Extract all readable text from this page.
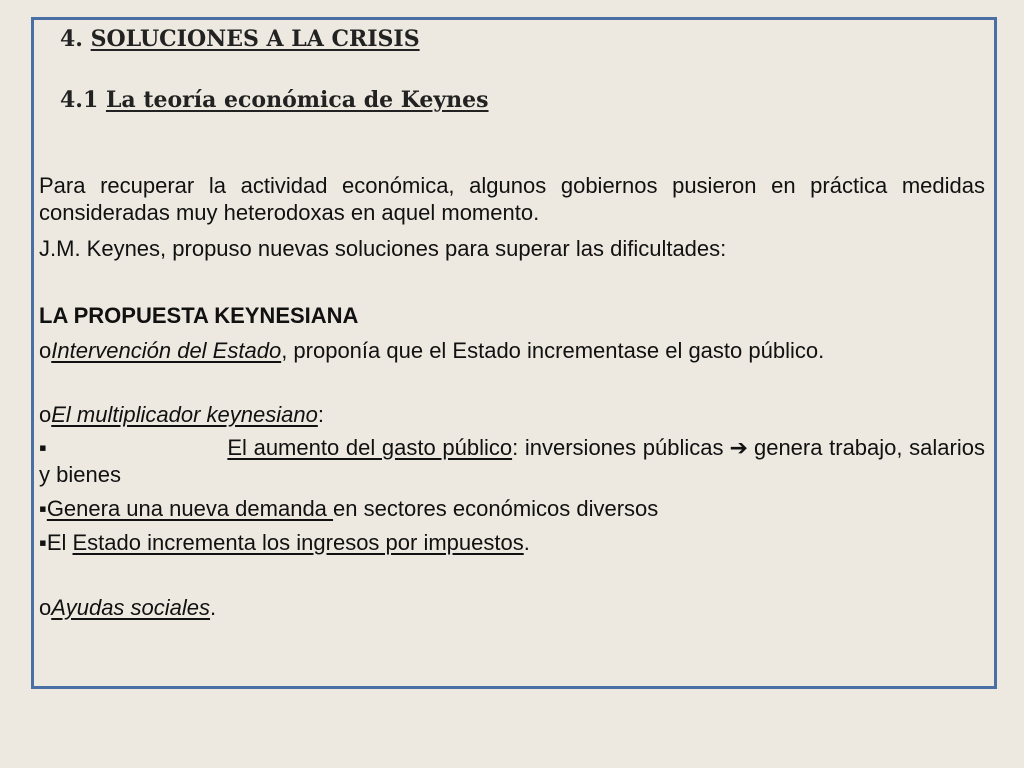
4. SOLUCIONES A LA CRISIS
4.1 La teoría económica de Keynes
Para recuperar la actividad económica, algunos gobiernos pusieron en práctica medidas consideradas muy heterodoxas en aquel momento.
J.M. Keynes, propuso nuevas soluciones para superar las dificultades:
LA PROPUESTA KEYNESIANA
oIntervención del Estado, proponía que el Estado incrementase el gasto público.
oEl multiplicador keynesiano:
▪	El aumento del gasto público: inversiones públicas ➔ genera trabajo, salarios y bienes
▪Genera una nueva demanda en sectores económicos diversos
▪El Estado incrementa los ingresos por impuestos.
oAyudas sociales.
